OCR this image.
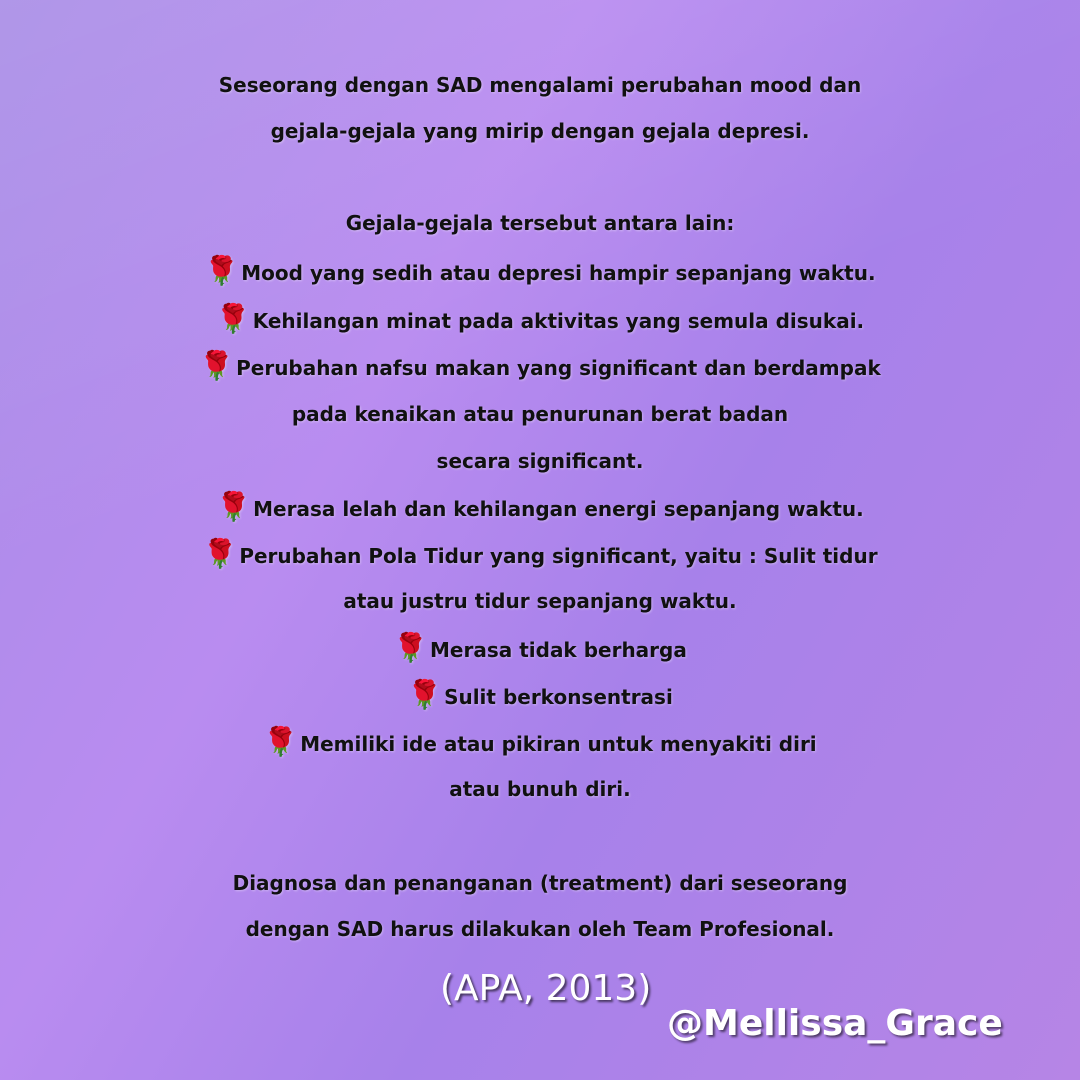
Seseorang dengan SAD mengalami perubahan mood dan
gejala-gejala yang mirip dengan gejala depresi.
Gejala-gejala tersebut antara lain:
🌹 Mood yang sedih atau depresi hampir sepanjang waktu.
🌹 Kehilangan minat pada aktivitas yang semula disukai.
🌹 Perubahan nafsu makan yang significant dan berdampak
pada kenaikan atau penurunan berat badan
secara significant.
🌹 Merasa lelah dan kehilangan energi sepanjang waktu.
🌹 Perubahan Pola Tidur yang significant, yaitu : Sulit tidur
atau justru tidur sepanjang waktu.
🌹 Merasa tidak berharga
🌹 Sulit berkonsentrasi
🌹 Memiliki ide atau pikiran untuk menyakiti diri
atau bunuh diri.
Diagnosa dan penanganan (treatment) dari seseorang
dengan SAD harus dilakukan oleh Team Profesional.
(APA, 2013)
@Mellissa_Grace
